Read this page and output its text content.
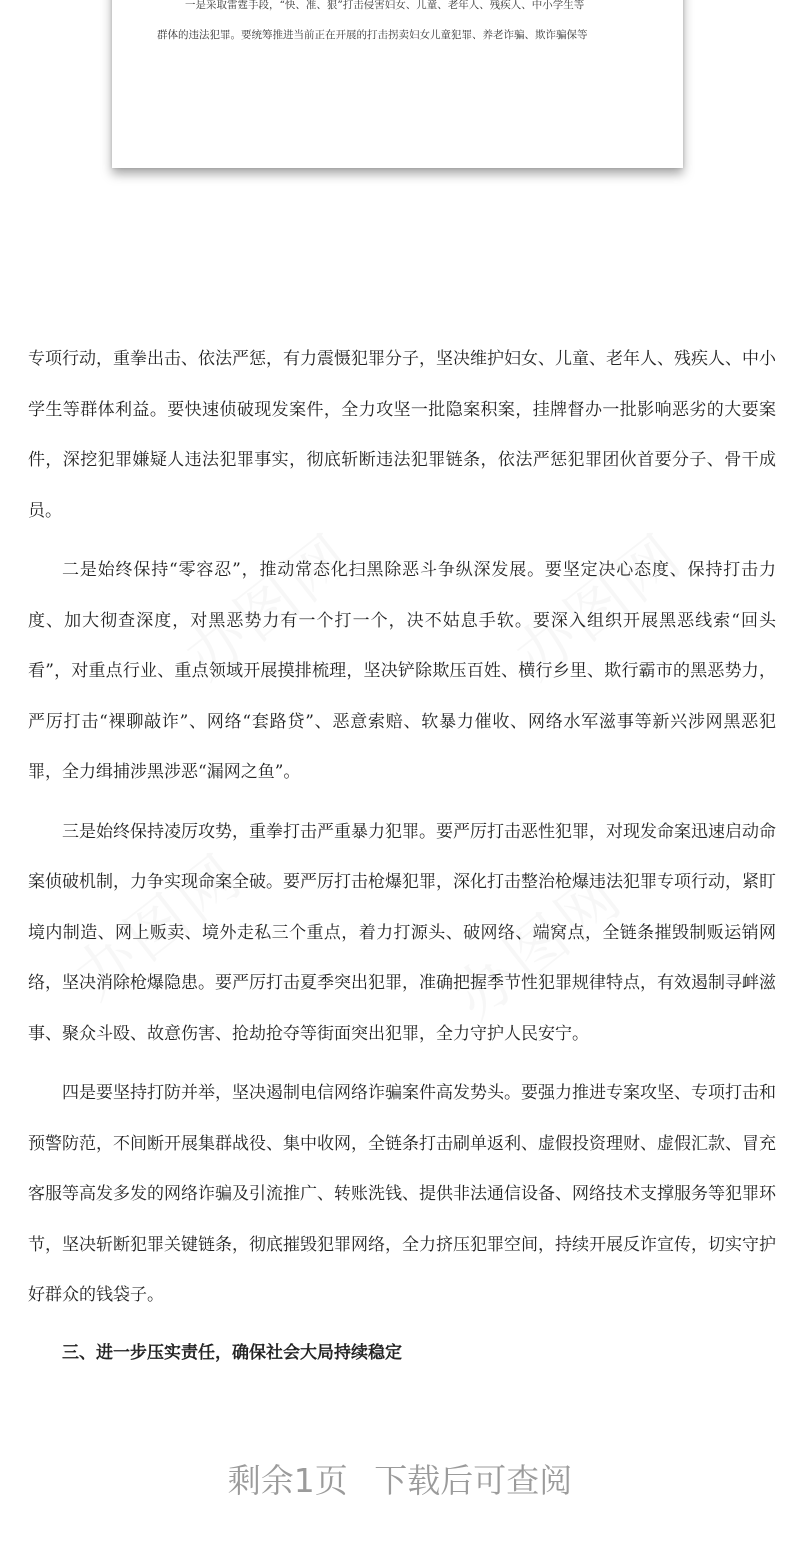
一是采取雷霆手段，“快、准、狠”打击侵害妇女、儿童、老年人、残疾人、中小学生等
群体的违法犯罪。要统筹推进当前正在开展的打击拐卖妇女儿童犯罪、养老诈骗、欺诈骗保等
办图网 办图网
办图网	办图网

专项行动，重拳出击、依法严惩，有力震慑犯罪分子，坚决维护妇女、儿童、老年人、残疾人、中小学生等群体利益。要快速侦破现发案件，全力攻坚一批隐案积案，挂牌督办一批影响恶劣的大要案件，深挖犯罪嫌疑人违法犯罪事实，彻底斩断违法犯罪链条，依法严惩犯罪团伙首要分子、骨干成员。

二是始终保持“零容忍”，推动常态化扫黑除恶斗争纵深发展。要坚定决心态度、保持打击力度、加大彻查深度，对黑恶势力有一个打一个，决不姑息手软。要深入组织开展黑恶线索“回头看”，对重点行业、重点领域开展摸排梳理，坚决铲除欺压百姓、横行乡里、欺行霸市的黑恶势力，严厉打击“裸聊敲诈”、网络“套路贷”、恶意索赔、软暴力催收、网络水军滋事等新兴涉网黑恶犯罪，全力缉捕涉黑涉恶“漏网之鱼”。

三是始终保持凌厉攻势，重拳打击严重暴力犯罪。要严厉打击恶性犯罪，对现发命案迅速启动命案侦破机制，力争实现命案全破。要严厉打击枪爆犯罪，深化打击整治枪爆违法犯罪专项行动，紧盯境内制造、网上贩卖、境外走私三个重点，着力打源头、破网络、端窝点，全链条摧毁制贩运销网络，坚决消除枪爆隐患。要严厉打击夏季突出犯罪，准确把握季节性犯罪规律特点，有效遏制寻衅滋事、聚众斗殴、故意伤害、抢劫抢夺等街面突出犯罪，全力守护人民安宁。

四是要坚持打防并举，坚决遏制电信网络诈骗案件高发势头。要强力推进专案攻坚、专项打击和预警防范，不间断开展集群战役、集中收网，全链条打击刷单返利、虚假投资理财、虚假汇款、冒充客服等高发多发的网络诈骗及引流推广、转账洗钱、提供非法通信设备、网络技术支撑服务等犯罪环节，坚决斩断犯罪关键链条，彻底摧毁犯罪网络，全力挤压犯罪空间，持续开展反诈宣传，切实守护好群众的钱袋子。

三、进一步压实责任，确保社会大局持续稳定

剩余1页 下载后可查阅
